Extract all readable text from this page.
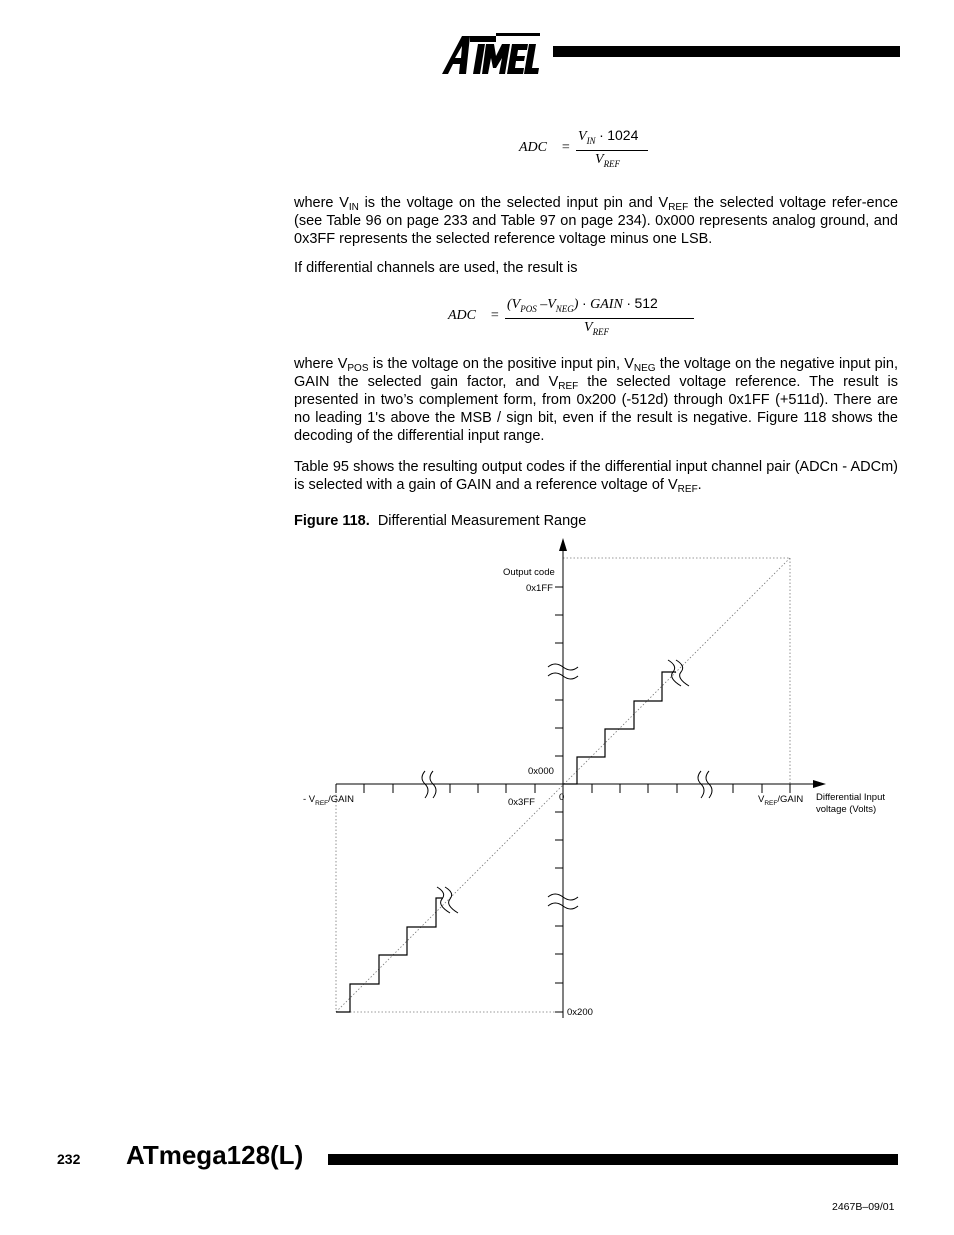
ADC =
$V_{IN} \cdot 1024$
$V_{REF}$
where $V_{IN}$ is the voltage on the selected input pin and $V_{REF}$ the selected voltage refer-ence (see Table 96 on page 233 and Table 97 on page 234). 0x000 represents analog ground, and 0x3FF represents the selected reference voltage minus one LSB.
If differential channels are used, the result is
ADC =
($V_{POS}$ $-V_{NEG}$) · GAIN · 512
$V_{REF}$
where $V_{POS}$ is the voltage on the positive input pin, $V_{NEG}$ the voltage on the negative input pin, GAIN the selected gain factor, and $V_{REF}$ the selected voltage reference. The result is presented in two’s complement form, from 0x200 (-512d) through 0x1FF (+511d). There are no leading 1's above the MSB / sign bit, even if the result is negative. Figure 118 shows the decoding of the differential input range.
Table 95 shows the resulting output codes if the differential input channel pair (ADCn - ADCm) is selected with a gain of GAIN and a reference voltage of $V_{REF}$.
Figure 118. Differential Measurement Range
Output code
0x1FF
0x000
0
0x3FF
0x200
- $V_{REF}$/GAIN	$V_{REF}$/GAIN Differential Input
voltage (Volts)
232 ATmega128(L)
2467B–09/01
